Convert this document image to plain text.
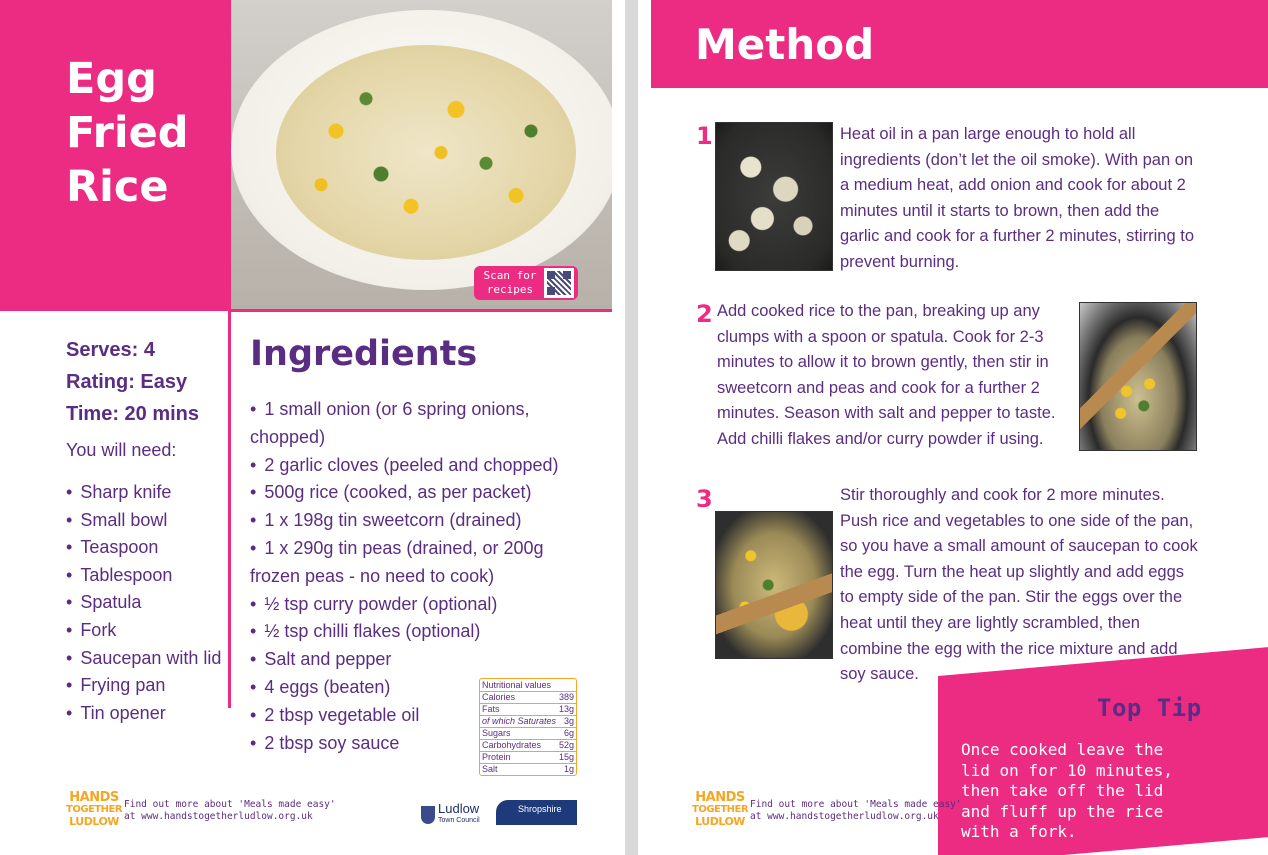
Egg
Fried
Rice
Scan for recipes
Serves: 4
Rating: Easy
Time: 20 mins
You will need:
• Sharp knife
• Small bowl
• Teaspoon
• Tablespoon
• Spatula
• Fork
• Saucepan with lid
• Frying pan
• Tin opener
Ingredients
• 1 small onion (or 6 spring onions, chopped)
• 2 garlic cloves (peeled and chopped)
• 500g rice (cooked, as per packet)
• 1 x 198g tin sweetcorn (drained)
• 1 x 290g tin peas (drained, or 200g frozen peas - no need to cook)
• ½ tsp curry powder (optional)
• ½ tsp chilli flakes (optional)
• Salt and pepper
• 4 eggs (beaten)
• 2 tbsp vegetable oil
• 2 tbsp soy sauce
Nutritional values
Calories	389
Fats	13g
of which Saturates 3g
Sugars	6g
Carbohydrates 52g
Protein	15g
Salt	1g
HANDS
TOGETHER
LUDLOW
Find out more about 'Meals made easy'
at www.handstogetherludlow.org.uk
Ludlow
Town Council
Shropshire
Method
1	Heat oil in a pan large enough to hold all ingredients (don’t let the oil smoke). With pan on a medium heat, add onion and cook for about 2 minutes until it starts to brown, then add the garlic and cook for a further 2 minutes, stirring to prevent burning.
2 Add cooked rice to the pan, breaking up any clumps with a spoon or spatula. Cook for 2-3 minutes to allow it to brown gently, then stir in sweetcorn and peas and cook for a further 2 minutes. Season with salt and pepper to taste. Add chilli flakes and/or curry powder if using.
3	Stir thoroughly and cook for 2 more minutes. Push rice and vegetables to one side of the pan, so you have a small amount of saucepan to cook the egg. Turn the heat up slightly and add eggs to empty side of the pan. Stir the eggs over the heat until they are lightly scrambled, then combine the egg with the rice mixture and add soy sauce.
Top Tip
Once cooked leave the lid on for 10 minutes, then take off the lid and fluff up the rice with a fork.
HANDS
TOGETHER
LUDLOW
Find out more about 'Meals made easy'
at www.handstogetherludlow.org.uk
